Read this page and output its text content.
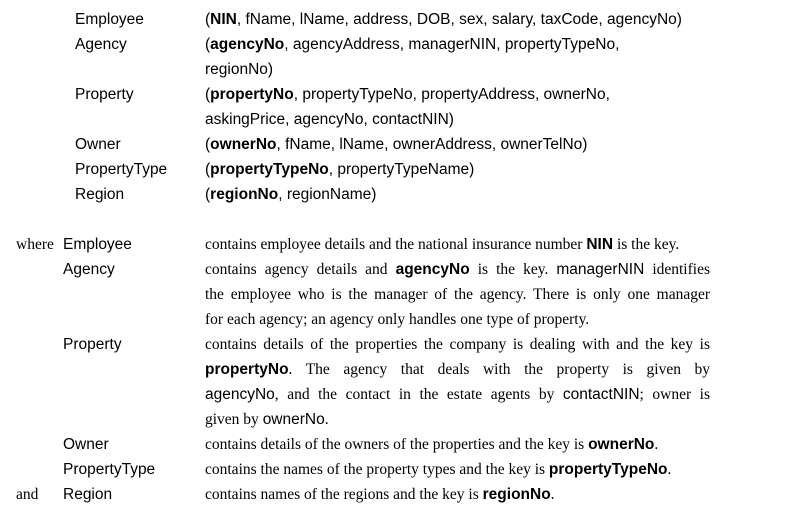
Employee	(NIN, fName, lName, address, DOB, sex, salary, taxCode, agencyNo)
Agency	(agencyNo, agencyAddress, managerNIN, propertyTypeNo,
regionNo)
Property	(propertyNo, propertyTypeNo, propertyAddress, ownerNo,
askingPrice, agencyNo, contactNIN)
Owner	(ownerNo, fName, lName, ownerAddress, ownerTelNo)
PropertyType (propertyTypeNo, propertyTypeName)
Region	(regionNo, regionName)
where Employee	contains employee details and the national insurance number NIN is the key.
Agency	contains agency details and agencyNo is the key. managerNIN identifies
the employee who is the manager of the agency. There is only one manager
for each agency; an agency only handles one type of property.
Property	contains details of the properties the company is dealing with and the key is
propertyNo. The agency that deals with the property is given by
agencyNo, and the contact in the estate agents by contactNIN; owner is
given by ownerNo.
Owner	contains details of the owners of the properties and the key is ownerNo.
PropertyType	contains the names of the property types and the key is propertyTypeNo.
and Region	contains names of the regions and the key is regionNo.
